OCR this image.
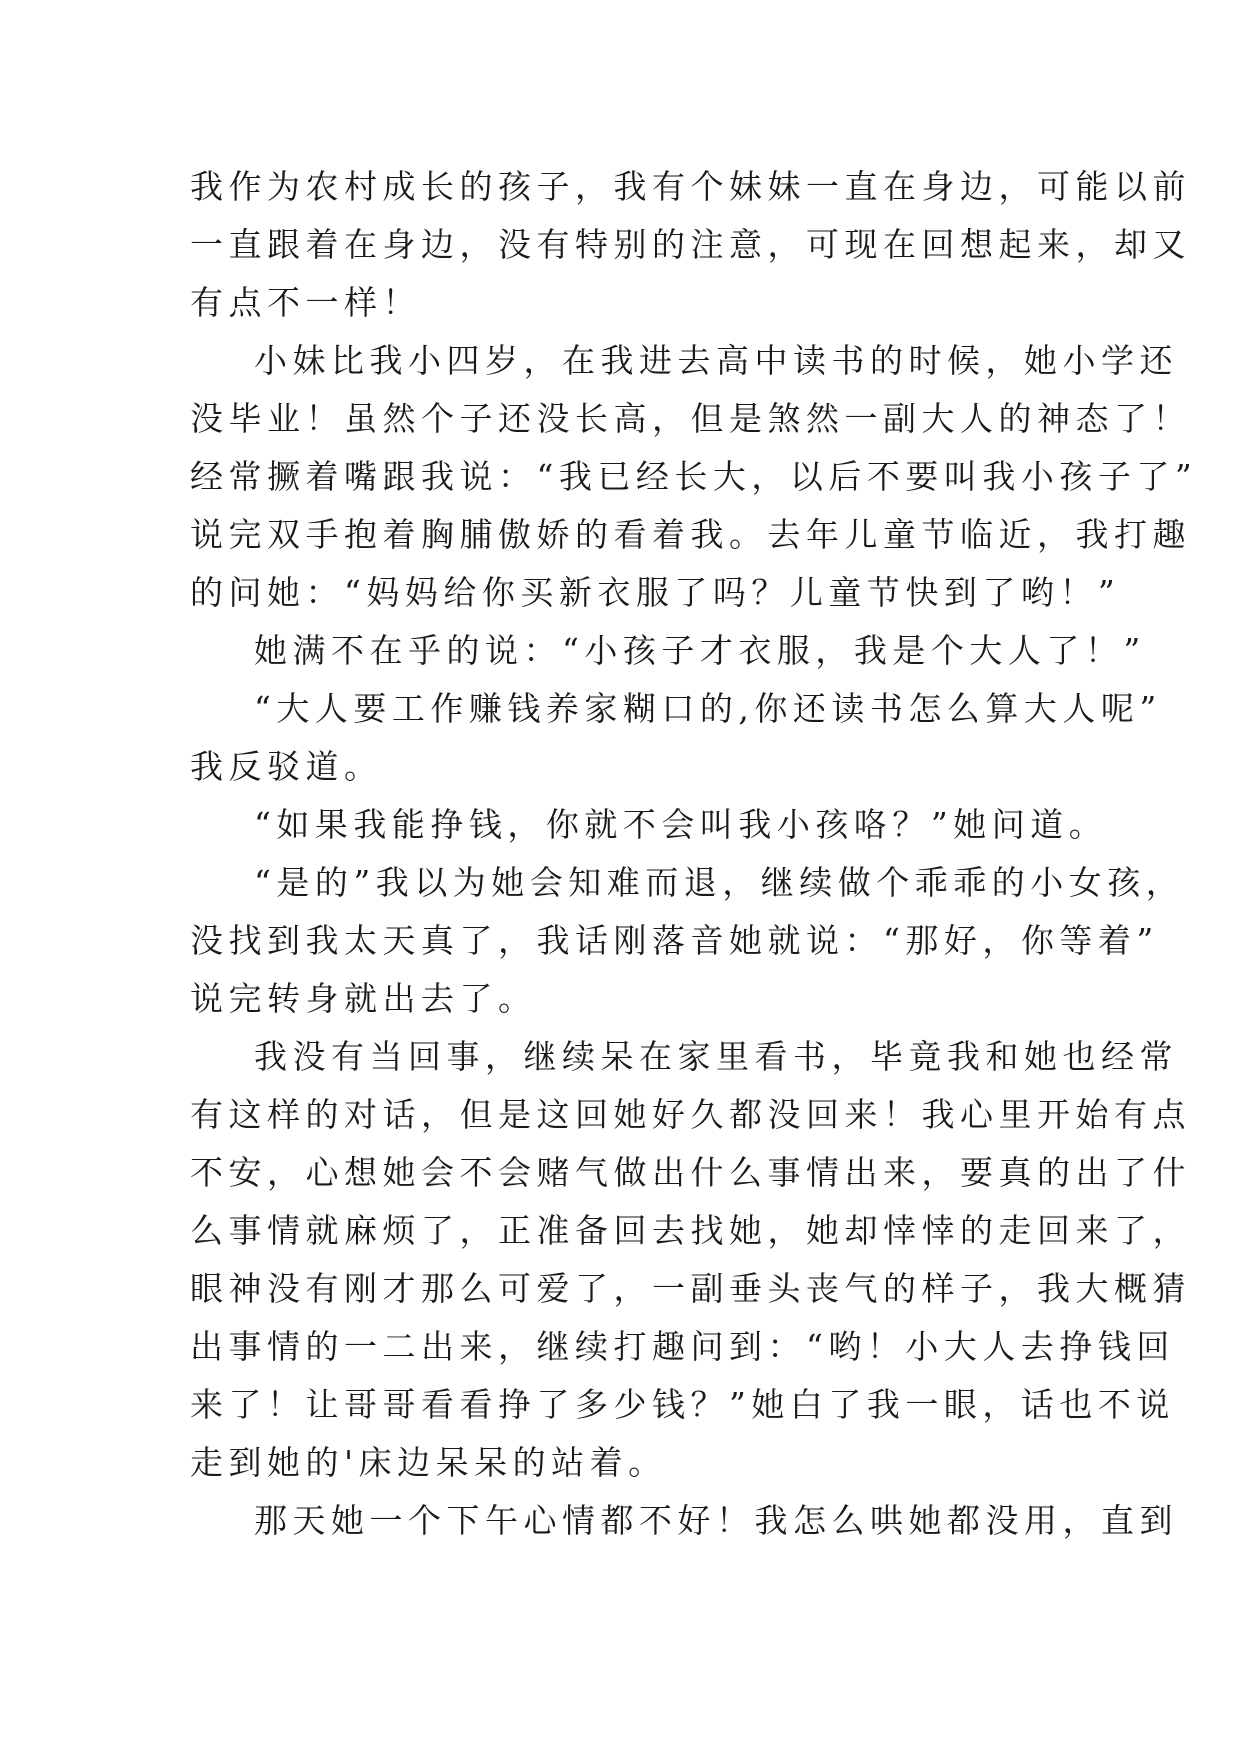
我作为农村成长的孩子，我有个妹妹一直在身边，可能以前
一直跟着在身边，没有特别的注意，可现在回想起来，却又
有点不一样！
小妹比我小四岁，在我进去高中读书的时候，她小学还
没毕业！虽然个子还没长高，但是煞然一副大人的神态了！
经常撅着嘴跟我说：“我已经长大，以后不要叫我小孩子了”
说完双手抱着胸脯傲娇的看着我。去年儿童节临近，我打趣
的问她：“妈妈给你买新衣服了吗？儿童节快到了哟！”
她满不在乎的说：“小孩子才衣服，我是个大人了！”
“大人要工作赚钱养家糊口的,你还读书怎么算大人呢”
我反驳道。
“如果我能挣钱，你就不会叫我小孩咯？”她问道。
“是的”我以为她会知难而退，继续做个乖乖的小女孩，
没找到我太天真了，我话刚落音她就说：“那好，你等着”
说完转身就出去了。
我没有当回事，继续呆在家里看书，毕竟我和她也经常
有这样的对话，但是这回她好久都没回来！我心里开始有点
不安，心想她会不会赌气做出什么事情出来，要真的出了什
么事情就麻烦了，正准备回去找她，她却悻悻的走回来了，
眼神没有刚才那么可爱了，一副垂头丧气的样子，我大概猜
出事情的一二出来，继续打趣问到：“哟！小大人去挣钱回
来了！让哥哥看看挣了多少钱？”她白了我一眼，话也不说
走到她的'床边呆呆的站着。
那天她一个下午心情都不好！我怎么哄她都没用，直到
